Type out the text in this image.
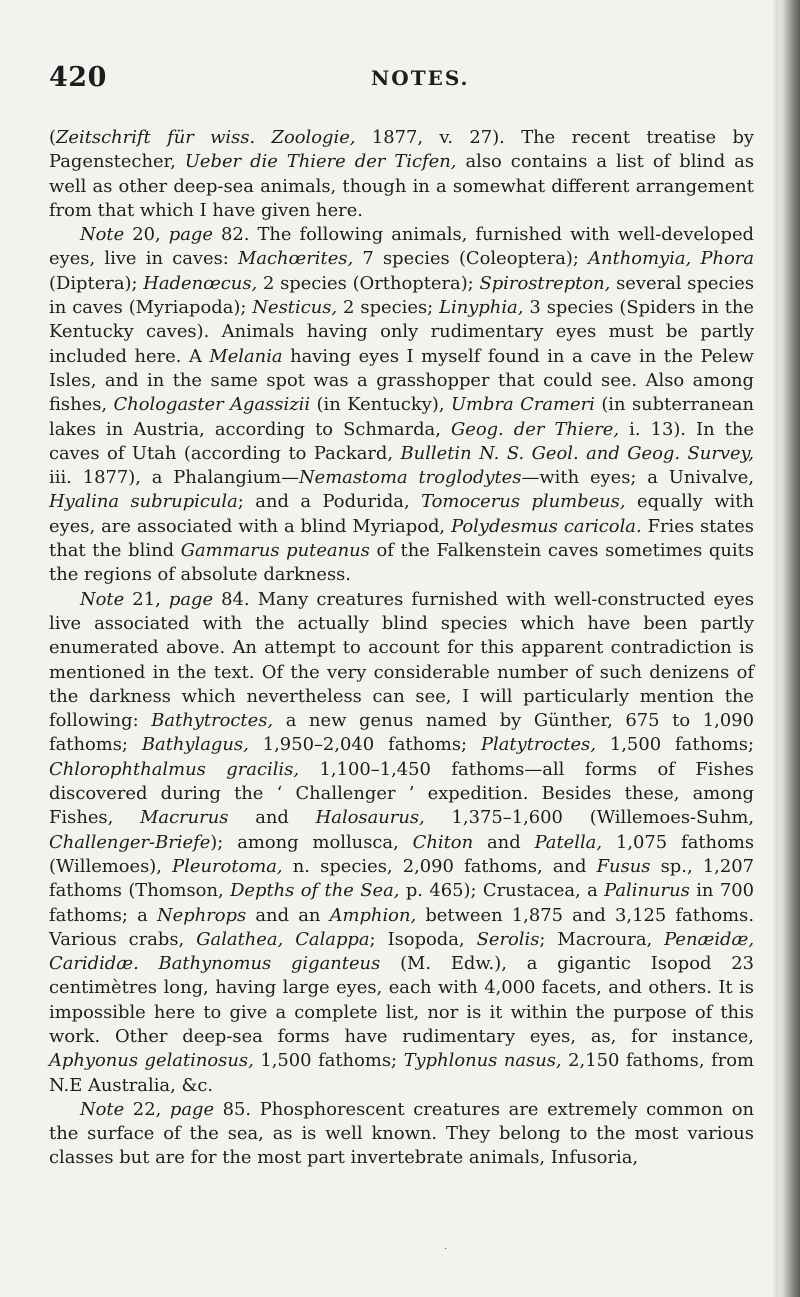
420	NOTES.

(Zeitschrift für wiss. Zoologie, 1877, v. 27). The recent treatise by Pagenstecher, Ueber die Thiere der Ticfen, also contains a list of blind as well as other deep-sea animals, though in a somewhat different arrangement from that which I have given here.

Note 20, page 82. The following animals, furnished with well-developed eyes, live in caves: Machœrites, 7 species (Coleoptera); Anthomyia, Phora (Diptera); Hadenœcus, 2 species (Orthoptera); Spirostrepton, several species in caves (Myriapoda); Nesticus, 2 species; Linyphia, 3 species (Spiders in the Kentucky caves). Animals having only rudimentary eyes must be partly included here. A Melania having eyes I myself found in a cave in the Pelew Isles, and in the same spot was a grasshopper that could see. Also among fishes, Chologaster Agassizii (in Kentucky), Umbra Crameri (in subterranean lakes in Austria, according to Schmarda, Geog. der Thiere, i. 13). In the caves of Utah (according to Packard, Bulletin N. S. Geol. and Geog. Survey, iii. 1877), a Phalangium—Nemastoma troglodytes—with eyes; a Univalve, Hyalina subrupicula; and a Podurida, Tomocerus plumbeus, equally with eyes, are associated with a blind Myriapod, Polydesmus caricola. Fries states that the blind Gammarus puteanus of the Falkenstein caves sometimes quits the regions of absolute darkness.

Note 21, page 84. Many creatures furnished with well-constructed eyes live associated with the actually blind species which have been partly enumerated above. An attempt to account for this apparent contradiction is mentioned in the text. Of the very considerable number of such denizens of the darkness which nevertheless can see, I will particularly mention the following: Bathytroctes, a new genus named by Günther, 675 to 1,090 fathoms; Bathylagus, 1,950–2,040 fathoms; Platytroctes, 1,500 fathoms; Chlorophthalmus gracilis, 1,100–1,450 fathoms—all forms of Fishes discovered during the ‘ Challenger ’ expedition. Besides these, among Fishes, Macrurus and Halosaurus, 1,375–1,600 (Willemoes-Suhm, Challenger-Briefe); among mollusca, Chiton and Patella, 1,075 fathoms (Willemoes), Pleurotoma, n. species, 2,090 fathoms, and Fusus sp., 1,207 fathoms (Thomson, Depths of the Sea, p. 465); Crustacea, a Palinurus in 700 fathoms; a Nephrops and an Amphion, between 1,875 and 3,125 fathoms. Various crabs, Galathea, Calappa; Isopoda, Serolis; Macroura, Penæidæ, Carididæ. Bathynomus giganteus (M. Edw.), a gigantic Isopod 23 centimètres long, having large eyes, each with 4,000 facets, and others. It is impossible here to give a complete list, nor is it within the purpose of this work. Other deep-sea forms have rudimentary eyes, as, for instance, Aphyonus gelatinosus, 1,500 fathoms; Typhlonus nasus, 2,150 fathoms, from N.E Australia, &c.

Note 22, page 85. Phosphorescent creatures are extremely common on the surface of the sea, as is well known. They belong to the most various classes but are for the most part invertebrate animals, Infusoria,

·
